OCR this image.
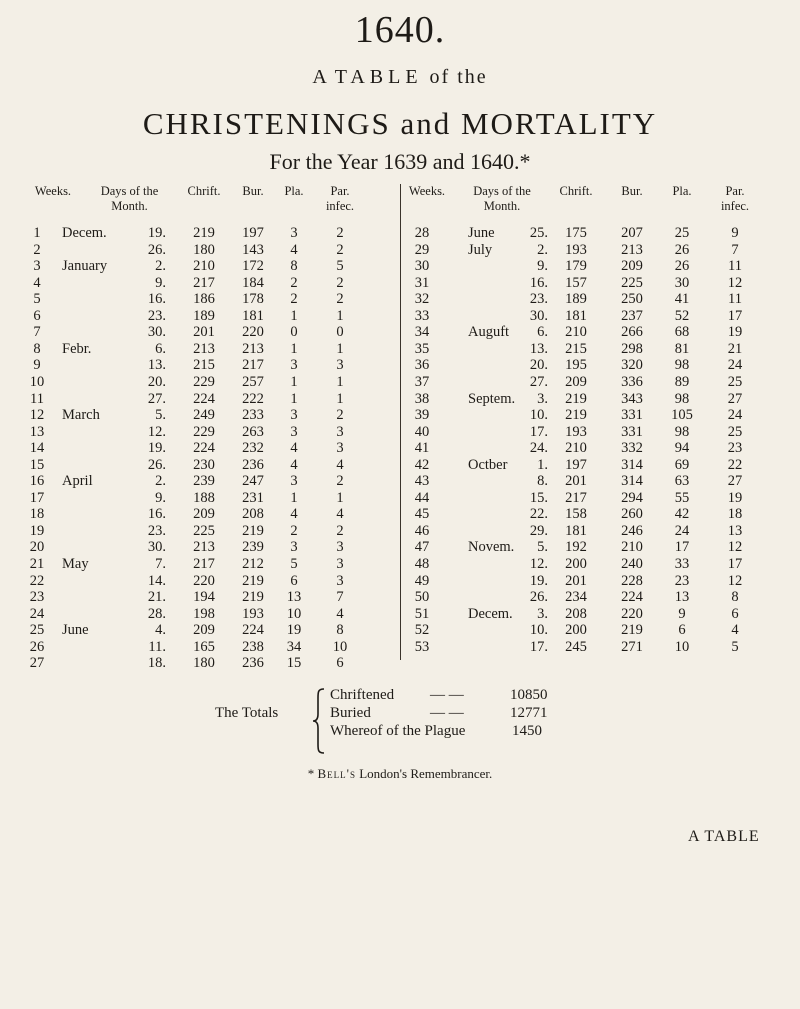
1640.
A TABLE of the
CHRISTENINGS and MORTALITY
For the Year 1639 and 1640.*
Weeks.	Days of the
Month.
Chrift.	Bur.	Pla.	Par.
infec.
Weeks.	Days of the
Month.
Chrift.	Bur.	Pla.	Par.
infec.
1	Decem.	19.	219	197	3	2
2	26.	180	143	4	2
3	January	2.	210	172	8	5
4	9.	217	184	2	2
5	16.	186	178	2	2
6	23.	189	181	1	1
7	30.	201	220	0	0
8	Febr.	6.	213	213	1	1
9	13.	215	217	3	3
10	20.	229	257	1	1
11	27.	224	222	1	1
12 March	5.	249	233	3	2
13	12.	229	263	3	3
14	19.	224	232	4	3
15	26.	230	236	4	4
16 April	2.	239	247	3	2
17	9.	188	231	1	1
18	16.	209	208	4	4
19	23.	225	219	2	2
20	30.	213	239	3	3
21 May	7.	217	212	5	3
22	14.	220	219	6	3
23	21.	194	219	13	7
24	28.	198	193	10	4
25 June	4.	209	224	19	8
26	11.	165	238	34	10
27	18.	180	236	15	6
28	June	25.	175	207	25	9
29	July	2.	193	213	26	7
30	9.	179	209	26	11
31	16.	157	225	30	12
32	23.	189	250	41	11
33	30.	181	237	52	17
34	Auguft	6.	210	266	68	19
35	13.	215	298	81	21
36	20.	195	320	98	24
37	27.	209	336	89	25
38	Septem.	3.	219	343	98	27
39	10.	219	331	105	24
40	17.	193	331	98	25
41	24.	210	332	94	23
42	Octber	1.	197	314	69	22
43	8.	201	314	63	27
44	15.	217	294	55	19
45	22.	158	260	42	18
46	29.	181	246	24	13
47	Novem.	5.	192	210	17	12
48	12.	200	240	33	17
49	19.	201	228	23	12
50	26.	234	224	13	8
51	Decem.	3.	208	220	9	6
52	10.	200	219	6	4
53	17.	245	271	10	5
The Totals
Chriftened — —	10850
Buried	— —	12771
Whereof of the Plague	1450
* Bell's London's Remembrancer.
A TABLE
